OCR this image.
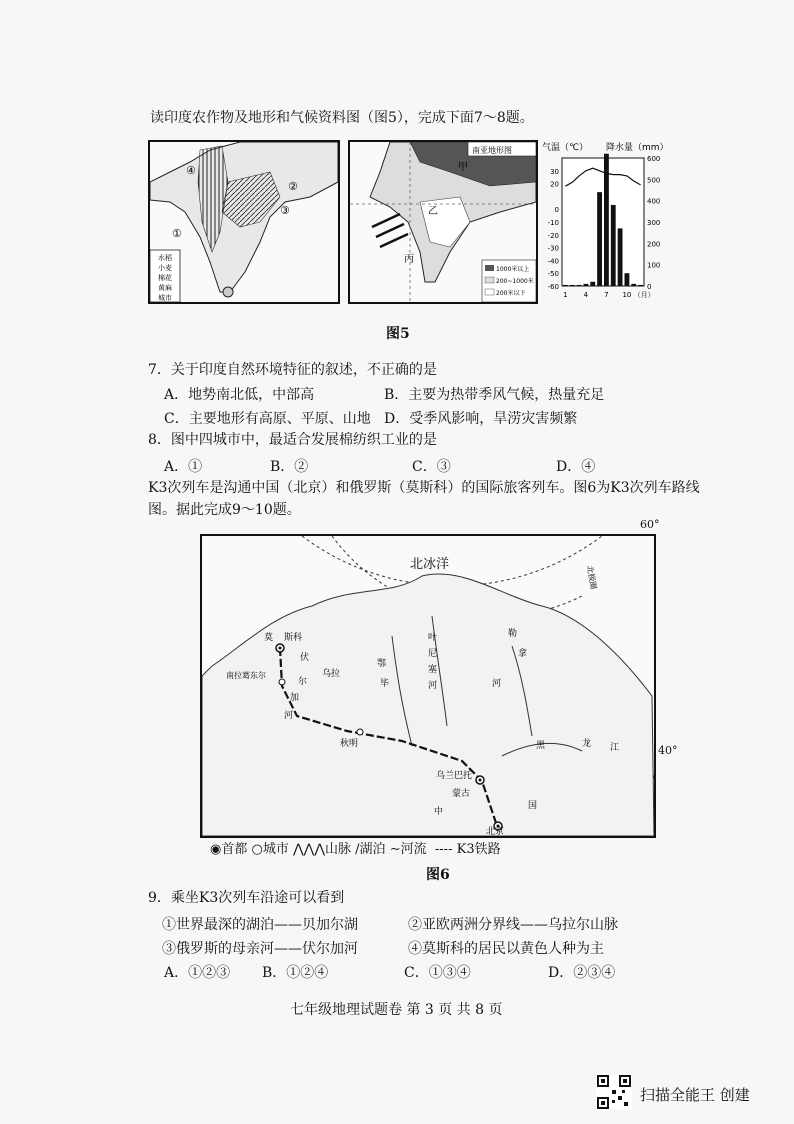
读印度农作物及地形和气候资料图（图5），完成下面7～8题。
④
①
②
③
水稻
小麦
棉花
黄麻
城市
南亚地形图
甲
乙
丙
1000米以上
200~1000米
200米以下
气温（℃） 降水量（mm）
30
20
0
-10
-20
-30
-40
-50
-60
600
500
400
300
200
100
0
1 4 7 10 （月）
图5
7．关于印度自然环境特征的叙述，不正确的是
A．地势南北低，中部高	B．主要为热带季风气候，热量充足
C．主要地形有高原、平原、山地 D．受季风影响，旱涝灾害频繁
8．图中四城市中，最适合发展棉纺织工业的是
A．①	B．②	C．③	D．④
K3次列车是沟通中国（北京）和俄罗斯（莫斯科）的国际旅客列车。图6为K3次列车路线
图。据此完成9～10题。
60°
40°
北冰洋
北极圈
莫 斯科
伏
尔
尼
叶
塞
河
鄂
毕
勒
拿
河
乌拉
加
河
秋明	黑	龙 江
乌兰巴托
蒙古
中
国
北京
南拉葛东尔
◉首都 ○城市 ⋀⋀⋀山脉 ∕湖泊 ∼河流  ---- K3铁路
图6
9．乘坐K3次列车沿途可以看到
①世界最深的湖泊——贝加尔湖	②亚欧两洲分界线——乌拉尔山脉
③俄罗斯的母亲河——伏尔加河	④莫斯科的居民以黄色人种为主
A．①②③ B．①②④	C．①③④	D．②③④
七年级地理试题卷 第 3 页 共 8 页
扫描全能王 创建
